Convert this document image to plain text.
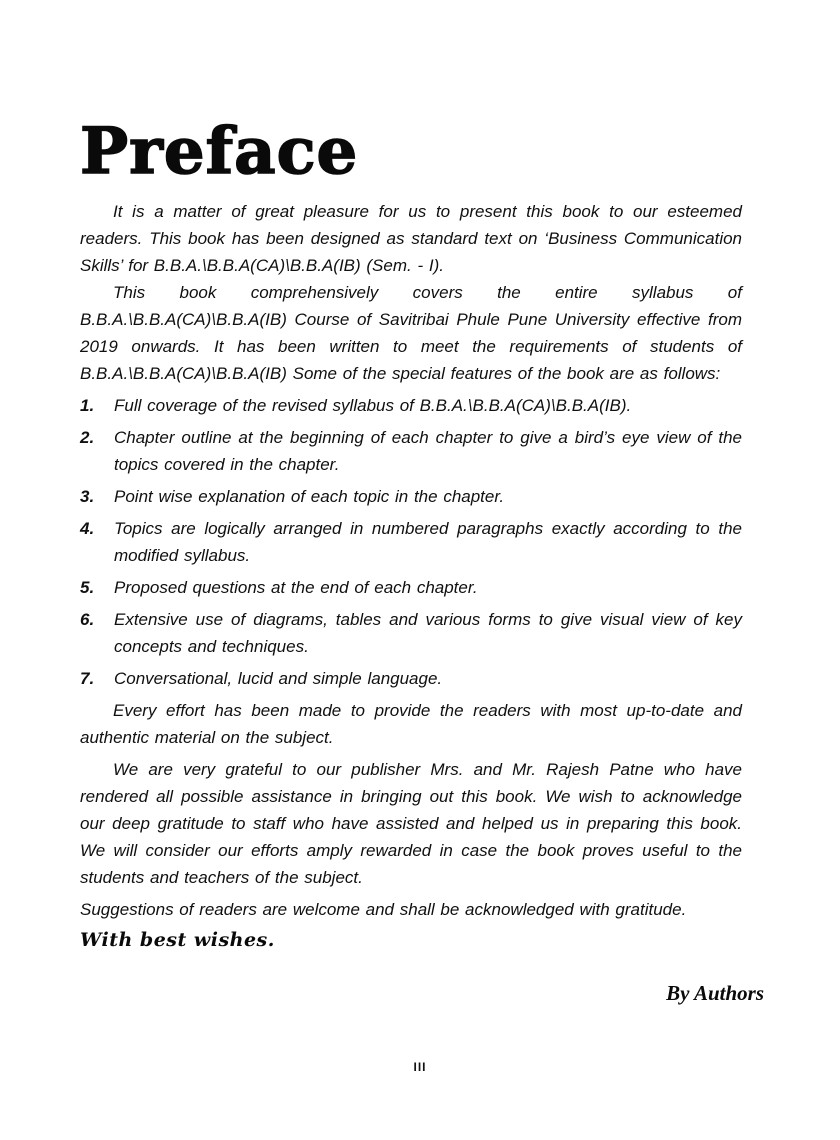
Preface

It is a matter of great pleasure for us to present this book to our esteemed readers. This book has been designed as standard text on ‘Business Communication Skills’ for B.B.A.\B.B.A(CA)\B.B.A(IB) (Sem. - I).

This book comprehensively covers the entire syllabus of B.B.A.\B.B.A(CA)\B.B.A(IB) Course of Savitribai Phule Pune University effective from 2019 onwards. It has been written to meet the requirements of students of B.B.A.\B.B.A(CA)\B.B.A(IB) Some of the special features of the book are as follows:

1. Full coverage of the revised syllabus of B.B.A.\B.B.A(CA)\B.B.A(IB).
2. Chapter outline at the beginning of each chapter to give a bird’s eye view of the topics covered in the chapter.
3. Point wise explanation of each topic in the chapter.
4. Topics are logically arranged in numbered paragraphs exactly according to the modified syllabus.
5. Proposed questions at the end of each chapter.
6. Extensive use of diagrams, tables and various forms to give visual view of key concepts and techniques.
7. Conversational, lucid and simple language.

Every effort has been made to provide the readers with most up-to-date and authentic material on the subject.

We are very grateful to our publisher Mrs. and Mr. Rajesh Patne who have rendered all possible assistance in bringing out this book. We wish to acknowledge our deep gratitude to staff who have assisted and helped us in preparing this book. We will consider our efforts amply rewarded in case the book proves useful to the students and teachers of the subject.

Suggestions of readers are welcome and shall be acknowledged with gratitude.

With best wishes.
By Authors
III
